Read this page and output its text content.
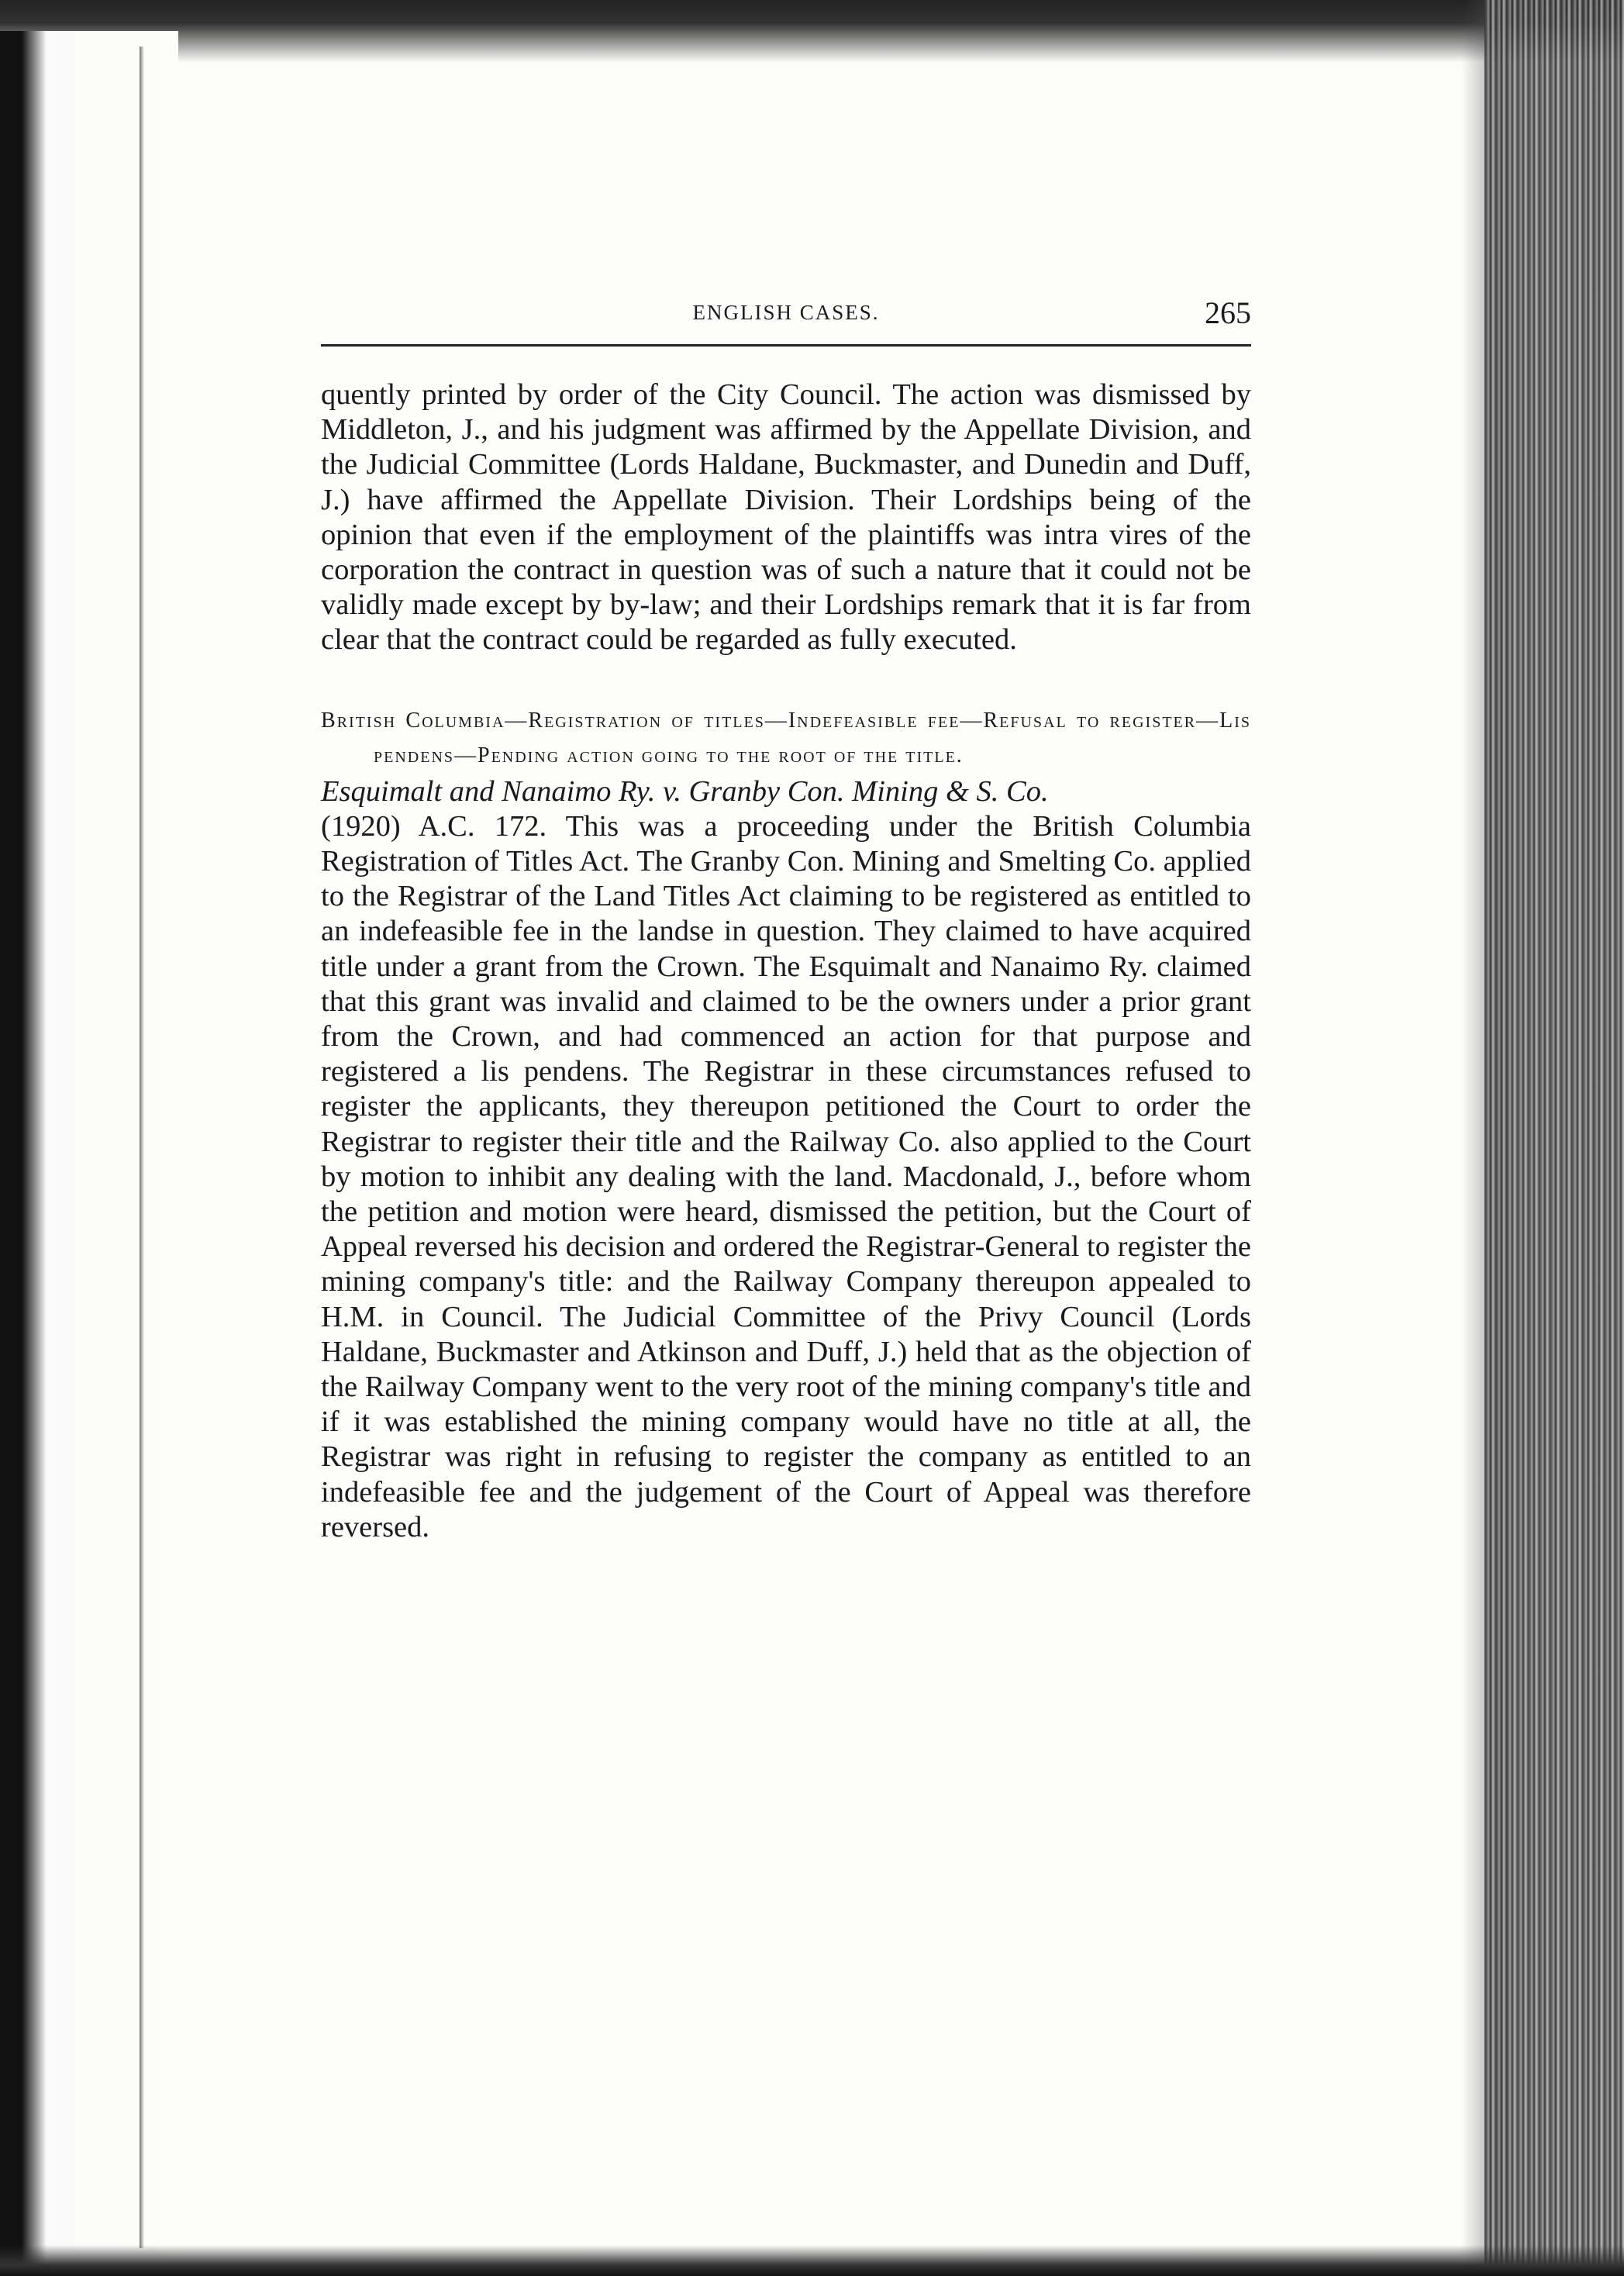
ENGLISH CASES.	265

quently printed by order of the City Council. The action was dismissed by Middleton, J., and his judgment was affirmed by the Appellate Division, and the Judicial Committee (Lords Haldane, Buckmaster, and Dunedin and Duff, J.) have affirmed the Appellate Division. Their Lordships being of the opinion that even if the employment of the plaintiffs was intra vires of the corporation the contract in question was of such a nature that it could not be validly made except by by-law; and their Lordships remark that it is far from clear that the contract could be regarded as fully executed.

British Columbia—Registration of titles—Indefeasible fee—Refusal to register—Lis pendens—Pending action going to the root of the title.

Esquimalt and Nanaimo Ry. v. Granby Con. Mining & S. Co.

(1920) A.C. 172. This was a proceeding under the British Columbia Registration of Titles Act. The Granby Con. Mining and Smelting Co. applied to the Registrar of the Land Titles Act claiming to be registered as entitled to an indefeasible fee in the landse in question. They claimed to have acquired title under a grant from the Crown. The Esquimalt and Nanaimo Ry. claimed that this grant was invalid and claimed to be the owners under a prior grant from the Crown, and had commenced an action for that purpose and registered a lis pendens. The Registrar in these circumstances refused to register the applicants, they thereupon petitioned the Court to order the Registrar to register their title and the Railway Co. also applied to the Court by motion to inhibit any dealing with the land. Macdonald, J., before whom the petition and motion were heard, dismissed the petition, but the Court of Appeal reversed his decision and ordered the Registrar-General to register the mining company's title: and the Railway Company thereupon appealed to H.M. in Council. The Judicial Committee of the Privy Council (Lords Haldane, Buckmaster and Atkinson and Duff, J.) held that as the objection of the Railway Company went to the very root of the mining company's title and if it was established the mining company would have no title at all, the Registrar was right in refusing to register the company as entitled to an indefeasible fee and the judgement of the Court of Appeal was therefore reversed.
